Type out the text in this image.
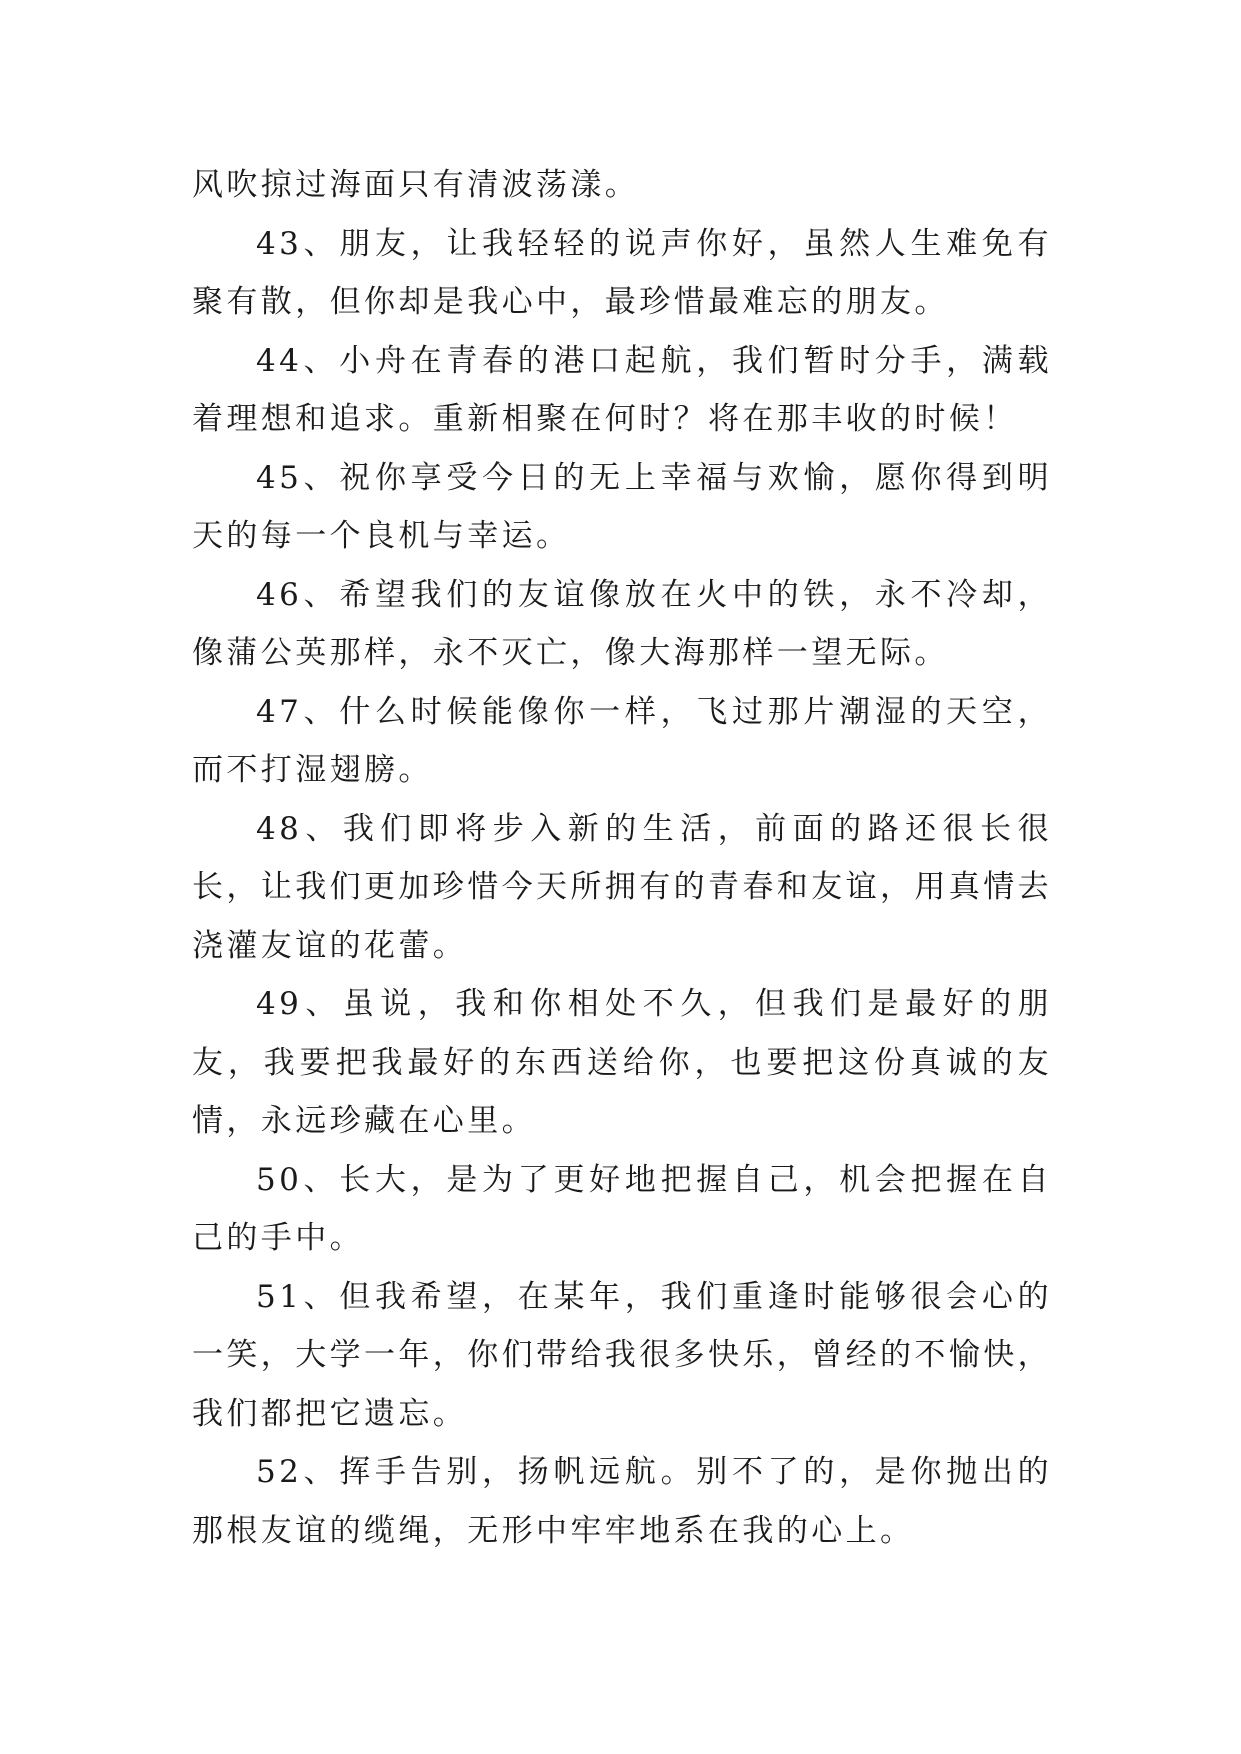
风吹掠过海面只有清波荡漾。

43、朋友，让我轻轻的说声你好，虽然人生难免有聚有散，但你却是我心中，最珍惜最难忘的朋友。

44、小舟在青春的港口起航，我们暂时分手，满载着理想和追求。重新相聚在何时？将在那丰收的时候！

45、祝你享受今日的无上幸福与欢愉，愿你得到明天的每一个良机与幸运。

46、希望我们的友谊像放在火中的铁，永不冷却，像蒲公英那样，永不灭亡，像大海那样一望无际。

47、什么时候能像你一样，飞过那片潮湿的天空，而不打湿翅膀。

48、我们即将步入新的生活，前面的路还很长很长，让我们更加珍惜今天所拥有的青春和友谊，用真情去浇灌友谊的花蕾。

49、虽说，我和你相处不久，但我们是最好的朋友，我要把我最好的东西送给你，也要把这份真诚的友情，永远珍藏在心里。

50、长大，是为了更好地把握自己，机会把握在自己的手中。

51、但我希望，在某年，我们重逢时能够很会心的一笑，大学一年，你们带给我很多快乐，曾经的不愉快，我们都把它遗忘。

52、挥手告别，扬帆远航。别不了的，是你抛出的那根友谊的缆绳，无形中牢牢地系在我的心上。
